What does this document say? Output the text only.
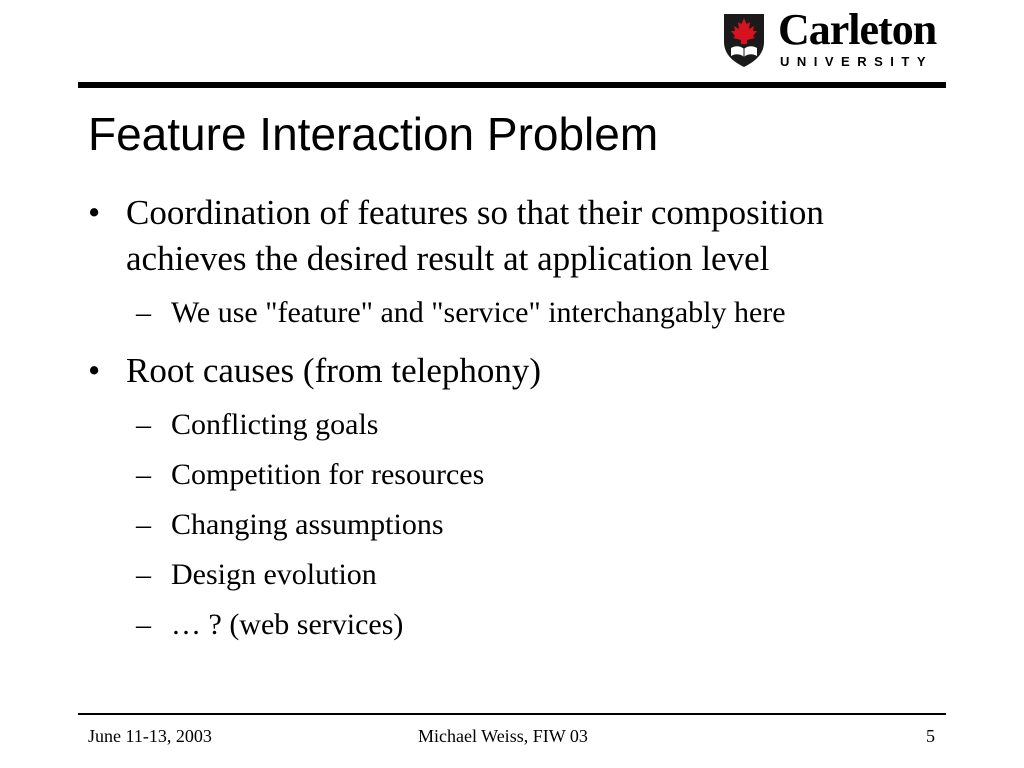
Carleton
UNIVERSITY
Feature Interaction Problem
• Coordination of features so that their composition achieves the desired result at application level
– We use "feature" and "service" interchangably here
• Root causes (from telephony)
– Conflicting goals
– Competition for resources
– Changing assumptions
– Design evolution
– … ? (web services)
June 11-13, 2003	Michael Weiss, FIW 03	5
